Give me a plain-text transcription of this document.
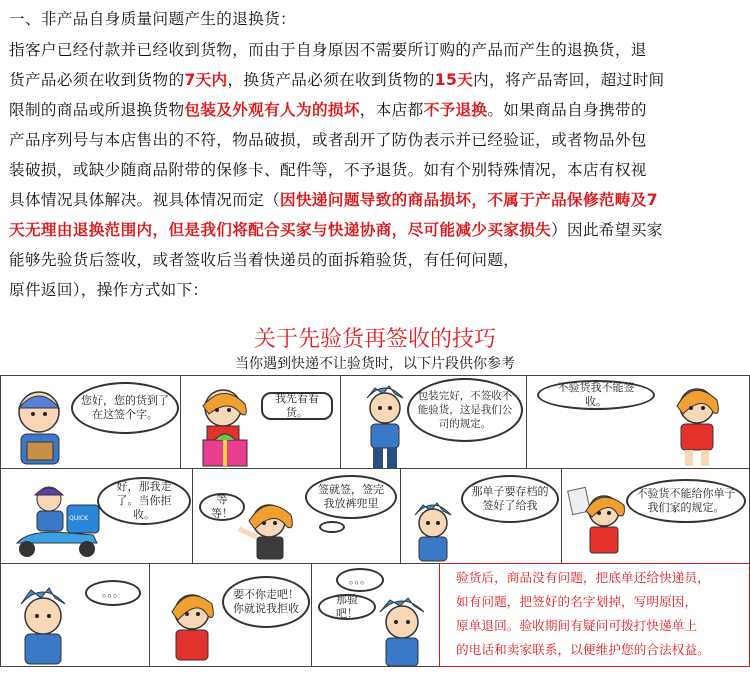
一、非产品自身质量问题产生的退换货：

指客户已经付款并已经收到货物，而由于自身原因不需要所订购的产品而产生的退换货，退

货产品必须在收到货物的7天内，换货产品必须在收到货物的15天内，将产品寄回，超过时间

限制的商品或所退换货物包装及外观有人为的损坏，本店都不予退换。如果商品自身携带的

产品序列号与本店售出的不符，物品破损，或者刮开了防伪表示并已经验证，或者物品外包

装破损，或缺少随商品附带的保修卡、配件等，不予退货。如有个别特殊情况，本店有权视

具体情况具体解决。视具体情况而定（因快递问题导致的商品损坏，不属于产品保修范畴及7

天无理由退换范围内，但是我们将配合买家与快递协商，尽可能减少买家损失）因此希望买家

能够先验货后签收，或者签收后当着快递员的面拆箱验货，有任何问题，

原件返回），操作方式如下：

关于先验货再签收的技巧
当你遇到快递不让验货时，以下片段供你参考
您好，您的货到了在这签个字。
我先看看货。
包装完好，不签收不能验货，这是我们公司的规定。
不验货我不能签收。
QUICK
好，那我走了。当你拒收。
等等！
签就签，签完我放裤兜里
那单子要存档的签好了给我
不验货不能给你单子我们家的规定。
。。。	要不你走吧！你就说我拒收
。。。
那验吧！
验货后，商品没有问题，把底单还给快递员，
如有问题，把签好的名字划掉，写明原因，
原单退回。验收期间有疑问可拨打快递单上
的电话和卖家联系，以便维护您的合法权益。
